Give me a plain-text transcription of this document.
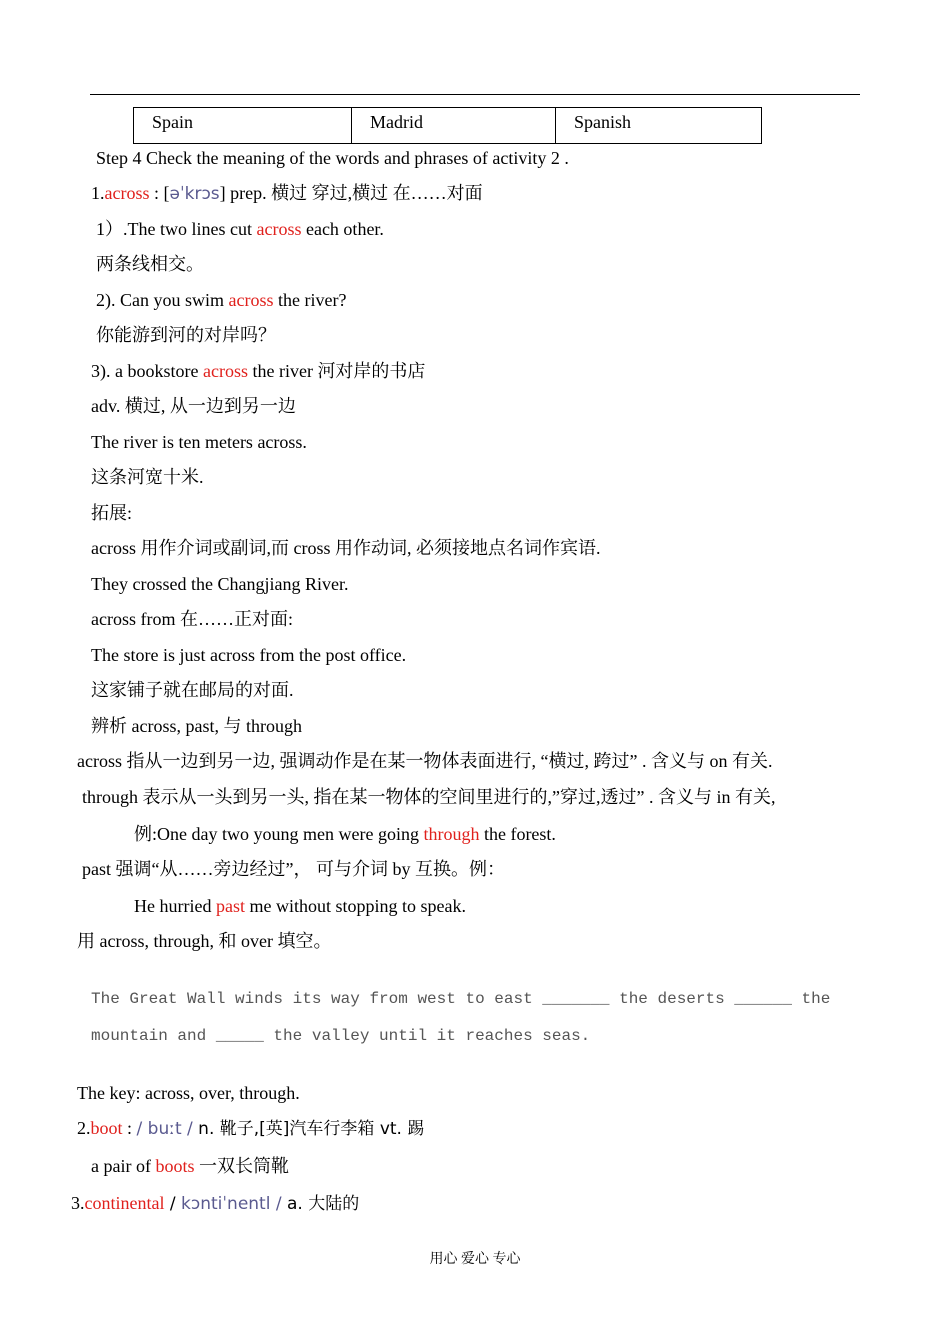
Spain	Madrid	Spanish
Step 4 Check the meaning of the words and phrases of activity 2 .
1.across : [əˈkrɔs] prep. 横过 穿过,横过 在……对面
1）.The two lines cut across each other.
两条线相交。
2). Can you swim across the river?
你能游到河的对岸吗？
3). a bookstore across the river 河对岸的书店
adv. 横过, 从一边到另一边
The river is ten meters across.
这条河宽十米.
拓展:
across 用作介词或副词,而 cross 用作动词, 必须接地点名词作宾语.
They crossed the Changjiang River.
across from 在……正对面:
The store is just across from the post office.
这家铺子就在邮局的对面.
辨析 across, past, 与 through
across 指从一边到另一边, 强调动作是在某一物体表面进行, “横过, 跨过” . 含义与 on 有关.
through 表示从一头到另一头, 指在某一物体的空间里进行的,”穿过,透过” . 含义与 in 有关,
例:One day two young men were going through the forest.
past 强调“从……旁边经过”， 可与介词 by 互换。例：
He hurried past me without stopping to speak.
用 across, through, 和 over 填空。
The Great Wall winds its way from west to east _______ the deserts ______ the
mountain and _____ the valley until it reaches seas.
The key: across, over, through.
2.boot : / buːt / n. 靴子,[英]汽车行李箱 vt. 踢
a pair of boots 一双长筒靴
3.continental / kɔntiˈnentl / a. 大陆的
用心 爱心 专心
